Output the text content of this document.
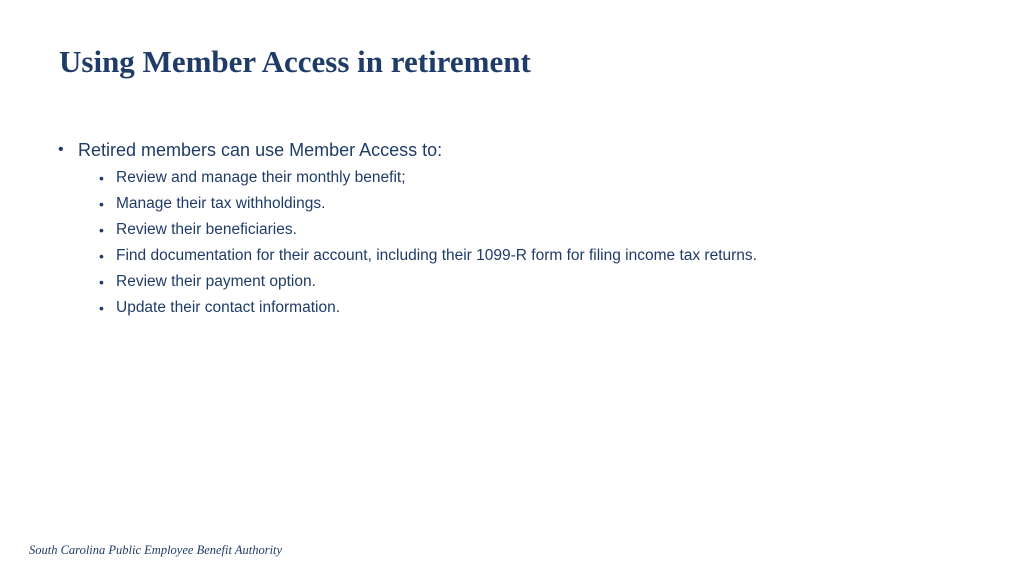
Using Member Access in retirement
• Retired members can use Member Access to:
• Review and manage their monthly benefit;
• Manage their tax withholdings.
• Review their beneficiaries.
• Find documentation for their account, including their 1099-R form for filing income tax returns.
• Review their payment option.
• Update their contact information.
South Carolina Public Employee Benefit Authority
